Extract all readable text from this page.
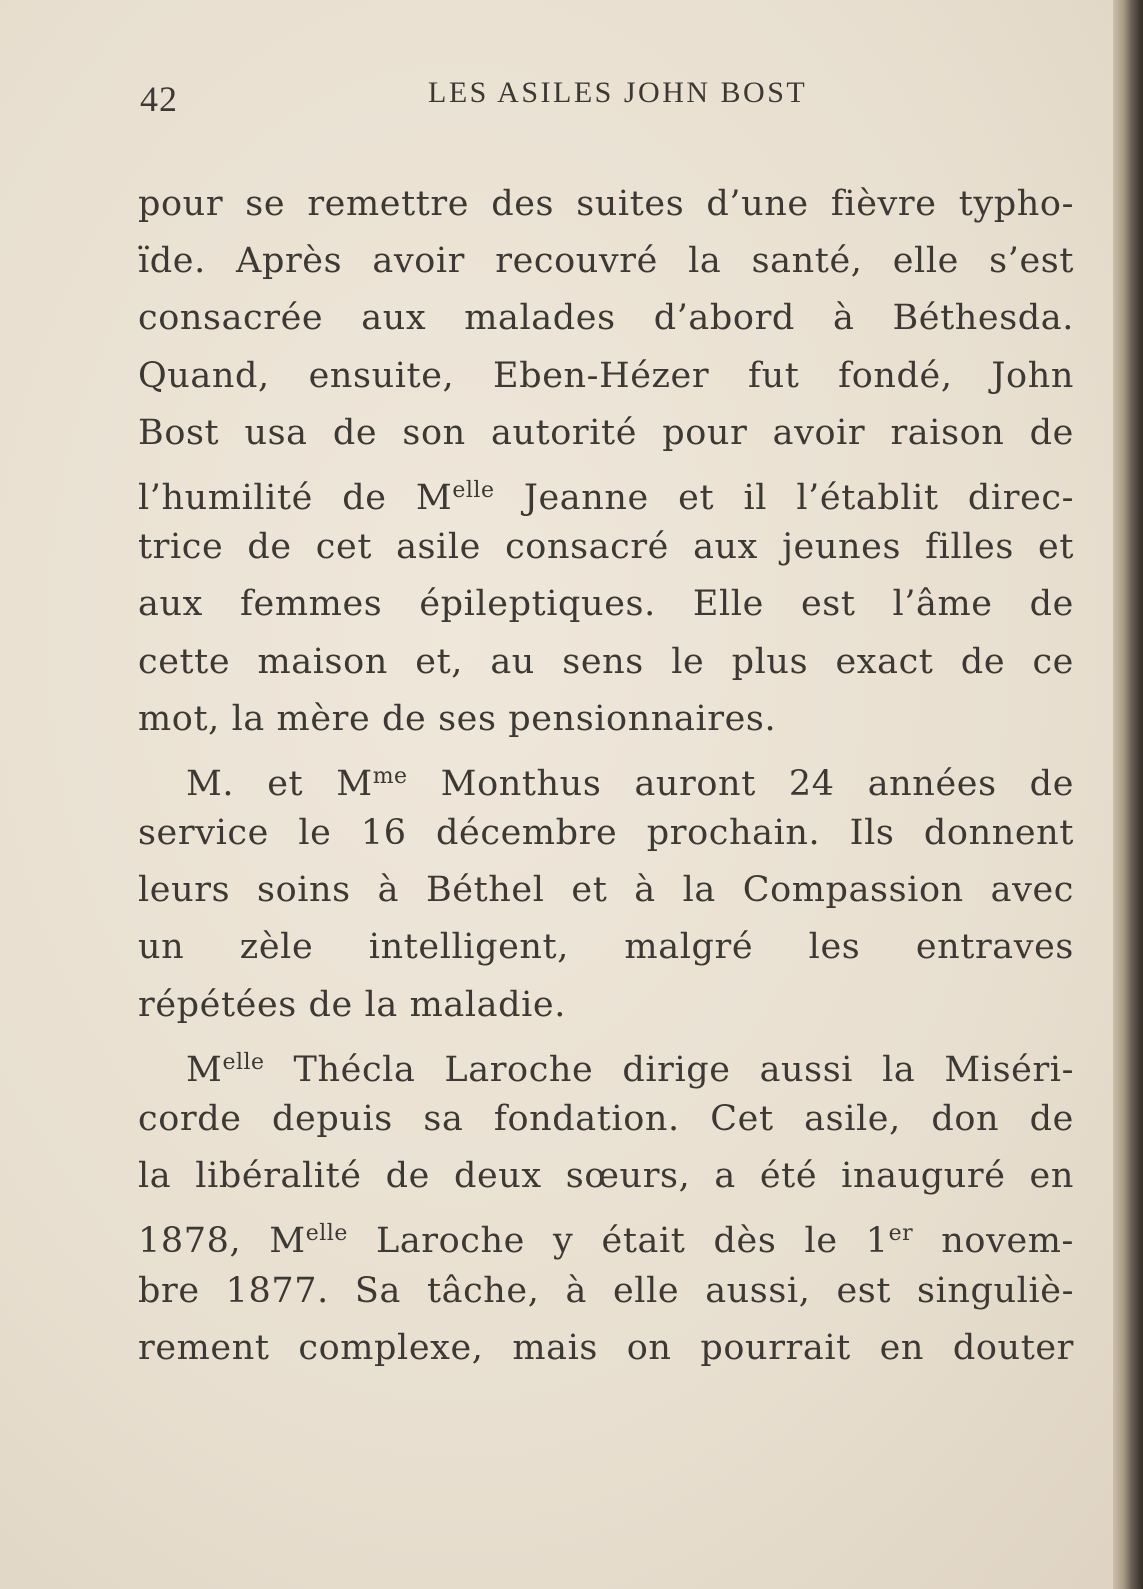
42	LES ASILES JOHN BOST
pour se remettre des suites d’une fièvre typho-
ïde. Après avoir recouvré la santé, elle s’est
consacrée aux malades d’abord à Béthesda.
Quand, ensuite, Eben-Hézer fut fondé, John
Bost usa de son autorité pour avoir raison de
l’humilité de $M^{elle}$ Jeanne et il l’établit direc-
trice de cet asile consacré aux jeunes filles et
aux femmes épileptiques. Elle est l’âme de
cette maison et, au sens le plus exact de ce
mot, la mère de ses pensionnaires.
M. et $M^{me}$ Monthus auront 24 années de
service le 16 décembre prochain. Ils donnent
leurs soins à Béthel et à la Compassion avec
un zèle intelligent, malgré les entraves
répétées de la maladie.
$M^{elle}$ Thécla Laroche dirige aussi la Miséri-
corde depuis sa fondation. Cet asile, don de
la libéralité de deux sœurs, a été inauguré en
1878, $M^{elle}$ Laroche y était dès le 1er novem-
bre 1877. Sa tâche, à elle aussi, est singuliè-
rement complexe, mais on pourrait en douter
